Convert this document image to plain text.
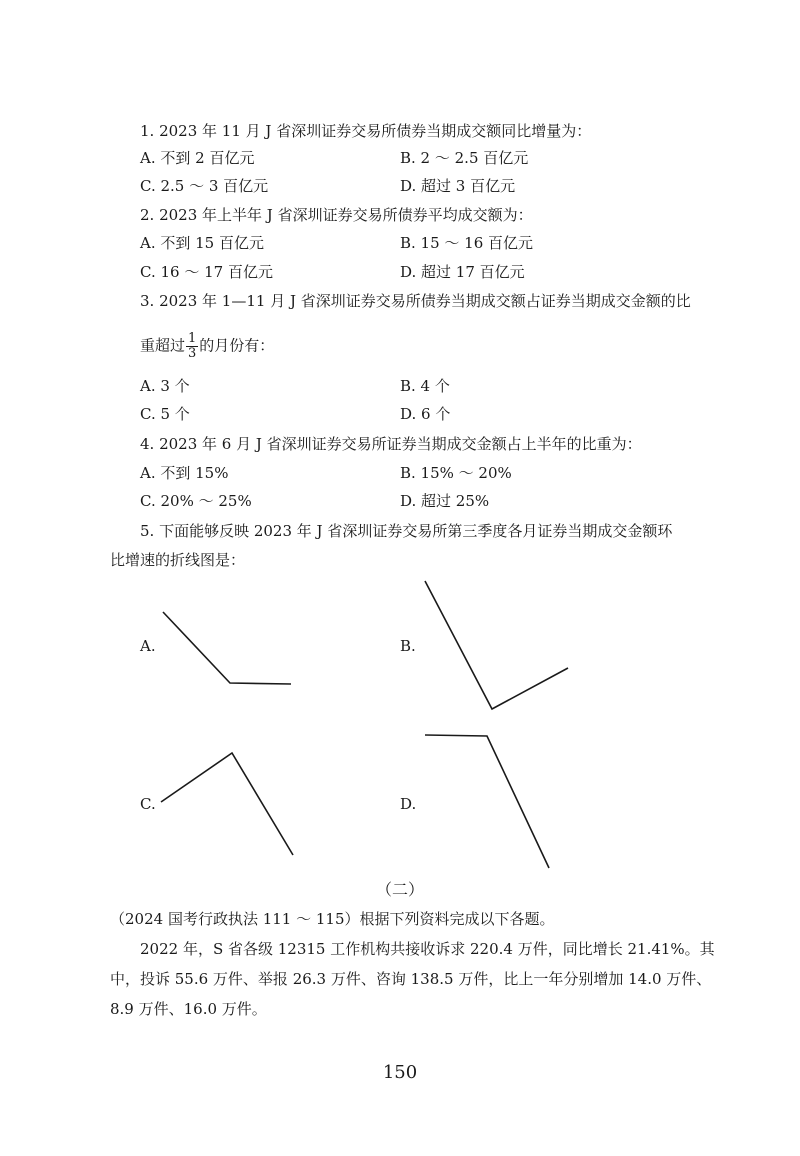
1. 2023 年 11 月 J 省深圳证券交易所债券当期成交额同比增量为：
A. 不到 2 百亿元	B. 2 ～ 2.5 百亿元
C. 2.5 ～ 3 百亿元	D. 超过 3 百亿元
2. 2023 年上半年 J 省深圳证券交易所债券平均成交额为：
A. 不到 15 百亿元	B. 15 ～ 16 百亿元
C. 16 ～ 17 百亿元	D. 超过 17 百亿元
3. 2023 年 1—11 月 J 省深圳证券交易所债券当期成交额占证券当期成交金额的比
重超过 $\frac{1}{3}$ 的月份有：
A. 3 个	B. 4 个
C. 5 个	D. 6 个
4. 2023 年 6 月 J 省深圳证券交易所证券当期成交金额占上半年的比重为：
A. 不到 15%	B. 15% ～ 20%
C. 20% ～ 25%	D. 超过 25%
5. 下面能够反映 2023 年 J 省深圳证券交易所第三季度各月证券当期成交金额环
比增速的折线图是：
A.	B.
C.	D.
（二）
（2024 国考行政执法 111 ～ 115）根据下列资料完成以下各题。
2022 年，S 省各级 12315 工作机构共接收诉求 220.4 万件，同比增长 21.41%。其
中，投诉 55.6 万件、举报 26.3 万件、咨询 138.5 万件，比上一年分别增加 14.0 万件、
8.9 万件、16.0 万件。
150
